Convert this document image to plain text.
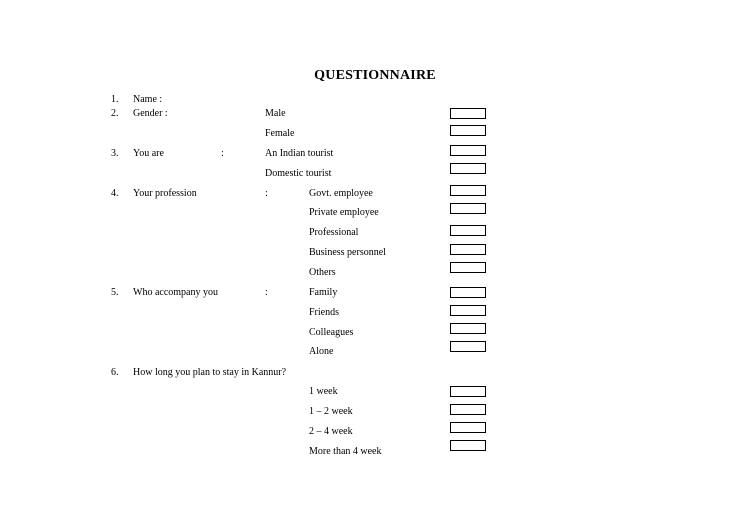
QUESTIONNAIRE
1. Name :
2. Gender :	Male
Female
3. You are	:	An Indian tourist
Domestic tourist
4. Your profession	:	Govt. employee
Private employee
Professional
Business personnel
Others
5. Who accompany you	:	Family
Friends
Colleagues
Alone
6. How long you plan to stay in Kannur?
1 week
1 – 2 week
2 – 4 week
More than 4 week
